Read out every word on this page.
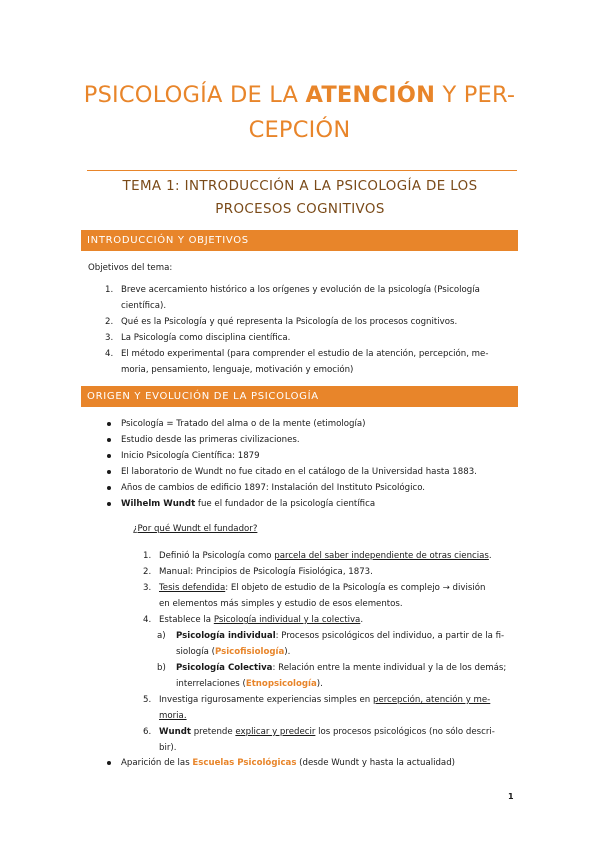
PSICOLOGÍA DE LA ATENCIÓN Y PER-
CEPCIÓN
TEMA 1: INTRODUCCIÓN A LA PSICOLOGÍA DE LOS
PROCESOS COGNITIVOS
INTRODUCCIÓN Y OBJETIVOS
Objetivos del tema:
1. Breve acercamiento histórico a los orígenes y evolución de la psicología (Psicología
científica).
2. Qué es la Psicología y qué representa la Psicología de los procesos cognitivos.
3. La Psicología como disciplina científica.
4. El método experimental (para comprender el estudio de la atención, percepción, me-
moria, pensamiento, lenguaje, motivación y emoción)
ORIGEN Y EVOLUCIÓN DE LA PSICOLOGÍA
Psicología = Tratado del alma o de la mente (etimología)
Estudio desde las primeras civilizaciones.
Inicio Psicología Científica: 1879
El laboratorio de Wundt no fue citado en el catálogo de la Universidad hasta 1883.
Años de cambios de edificio 1897: Instalación del Instituto Psicológico.
Wilhelm Wundt fue el fundador de la psicología científica
¿Por qué Wundt el fundador?
1. Definió la Psicología como parcela del saber independiente de otras ciencias.
2. Manual: Principios de Psicología Fisiológica, 1873.
3. Tesis defendida: El objeto de estudio de la Psicología es complejo → división
en elementos más simples y estudio de esos elementos.
4. Establece la Psicología individual y la colectiva.
a) Psicología individual: Procesos psicológicos del individuo, a partir de la fi-
siología (Psicofisiología).
b) Psicología Colectiva: Relación entre la mente individual y la de los demás;
interrelaciones (Etnopsicología).
5. Investiga rigurosamente experiencias simples en percepción, atención y me-
moria.
6. Wundt pretende explicar y predecir los procesos psicológicos (no sólo descri-
bir).
Aparición de las Escuelas Psicológicas (desde Wundt y hasta la actualidad)
1
